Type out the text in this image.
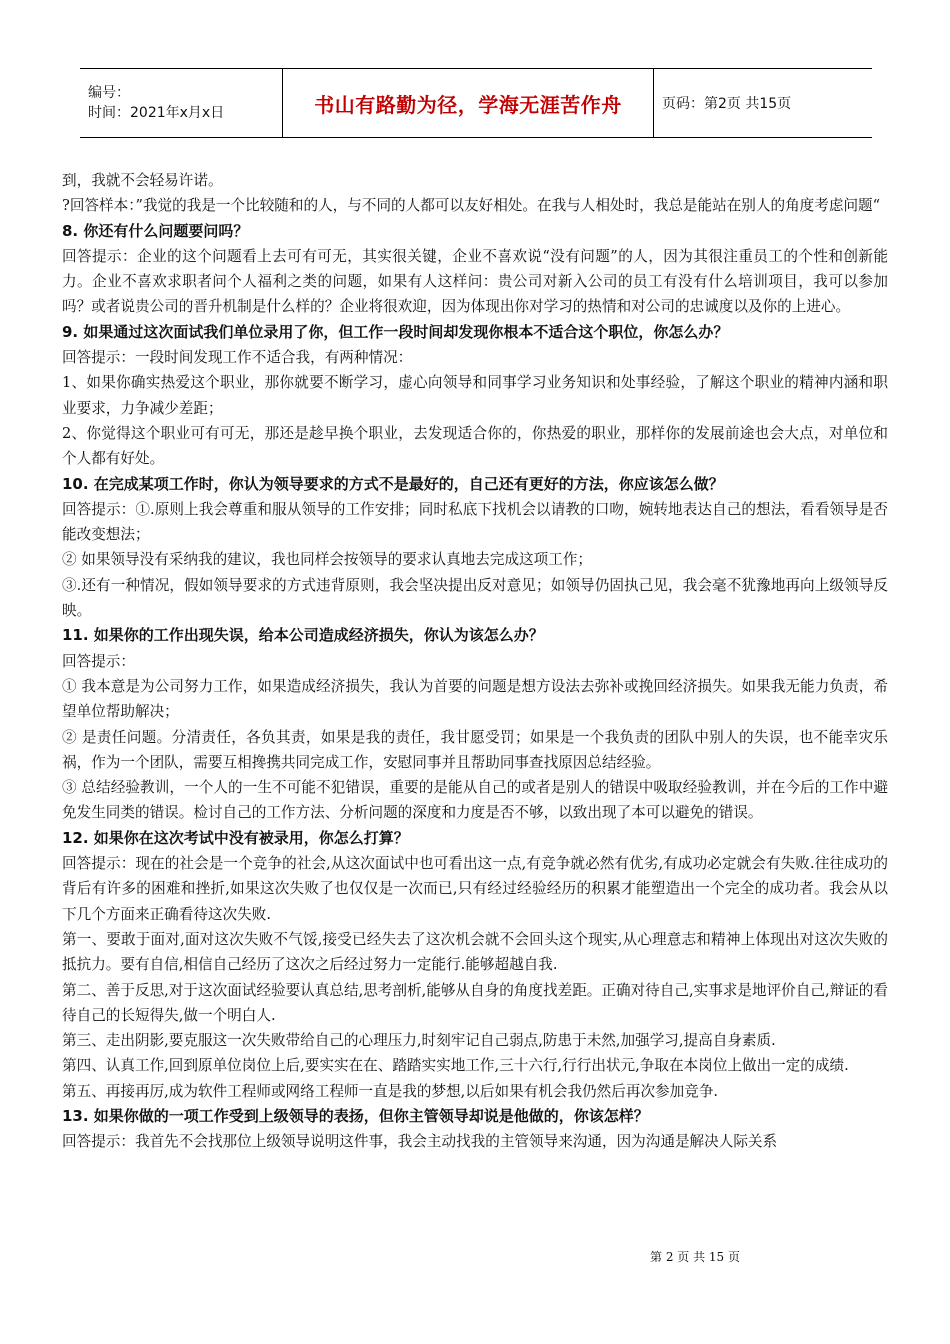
编号：
时间：2021年x月x日	书山有路勤为径，学海无涯苦作舟	页码：第2页 共15页

到，我就不会轻易许诺。

?回答样本：”我觉的我是一个比较随和的人，与不同的人都可以友好相处。在我与人相处时，我总是能站在别人的角度考虑问题“

8. 你还有什么问题要问吗？

回答提示：企业的这个问题看上去可有可无，其实很关键，企业不喜欢说“没有问题”的人，因为其很注重员工的个性和创新能力。企业不喜欢求职者问个人福利之类的问题，如果有人这样问：贵公司对新入公司的员工有没有什么培训项目，我可以参加吗？或者说贵公司的晋升机制是什么样的？企业将很欢迎，因为体现出你对学习的热情和对公司的忠诚度以及你的上进心。

9. 如果通过这次面试我们单位录用了你，但工作一段时间却发现你根本不适合这个职位，你怎么办？

回答提示：一段时间发现工作不适合我，有两种情况：

1、如果你确实热爱这个职业，那你就要不断学习，虚心向领导和同事学习业务知识和处事经验，了解这个职业的精神内涵和职业要求，力争减少差距；

2、你觉得这个职业可有可无，那还是趁早换个职业，去发现适合你的，你热爱的职业，那样你的发展前途也会大点，对单位和个人都有好处。

10. 在完成某项工作时，你认为领导要求的方式不是最好的，自己还有更好的方法，你应该怎么做？

回答提示：①.原则上我会尊重和服从领导的工作安排；同时私底下找机会以请教的口吻，婉转地表达自己的想法，看看领导是否能改变想法；

② 如果领导没有采纳我的建议，我也同样会按领导的要求认真地去完成这项工作；

③.还有一种情况，假如领导要求的方式违背原则，我会坚决提出反对意见；如领导仍固执己见，我会毫不犹豫地再向上级领导反映。

11. 如果你的工作出现失误，给本公司造成经济损失，你认为该怎么办？

回答提示：

① 我本意是为公司努力工作，如果造成经济损失，我认为首要的问题是想方设法去弥补或挽回经济损失。如果我无能力负责，希望单位帮助解决；

② 是责任问题。分清责任，各负其责，如果是我的责任，我甘愿受罚；如果是一个我负责的团队中别人的失误，也不能幸灾乐祸，作为一个团队，需要互相搀携共同完成工作，安慰同事并且帮助同事查找原因总结经验。

③ 总结经验教训，一个人的一生不可能不犯错误，重要的是能从自己的或者是别人的错误中吸取经验教训，并在今后的工作中避免发生同类的错误。检讨自己的工作方法、分析问题的深度和力度是否不够，以致出现了本可以避免的错误。

12. 如果你在这次考试中没有被录用，你怎么打算？

回答提示：现在的社会是一个竞争的社会,从这次面试中也可看出这一点,有竞争就必然有优劣,有成功必定就会有失败.往往成功的背后有许多的困难和挫折,如果这次失败了也仅仅是一次而已,只有经过经验经历的积累才能塑造出一个完全的成功者。我会从以下几个方面来正确看待这次失败.

第一、要敢于面对,面对这次失败不气馁,接受已经失去了这次机会就不会回头这个现实,从心理意志和精神上体现出对这次失败的抵抗力。要有自信,相信自己经历了这次之后经过努力一定能行.能够超越自我.

第二、善于反思,对于这次面试经验要认真总结,思考剖析,能够从自身的角度找差距。正确对待自己,实事求是地评价自己,辩证的看待自己的长短得失,做一个明白人.

第三、走出阴影,要克服这一次失败带给自己的心理压力,时刻牢记自己弱点,防患于未然,加强学习,提高自身素质.

第四、认真工作,回到原单位岗位上后,要实实在在、踏踏实实地工作,三十六行,行行出状元,争取在本岗位上做出一定的成绩.

第五、再接再厉,成为软件工程师或网络工程师一直是我的梦想,以后如果有机会我仍然后再次参加竞争.

13. 如果你做的一项工作受到上级领导的表扬，但你主管领导却说是他做的，你该怎样？

回答提示：我首先不会找那位上级领导说明这件事，我会主动找我的主管领导来沟通，因为沟通是解决人际关系

第 2 页 共 15 页
